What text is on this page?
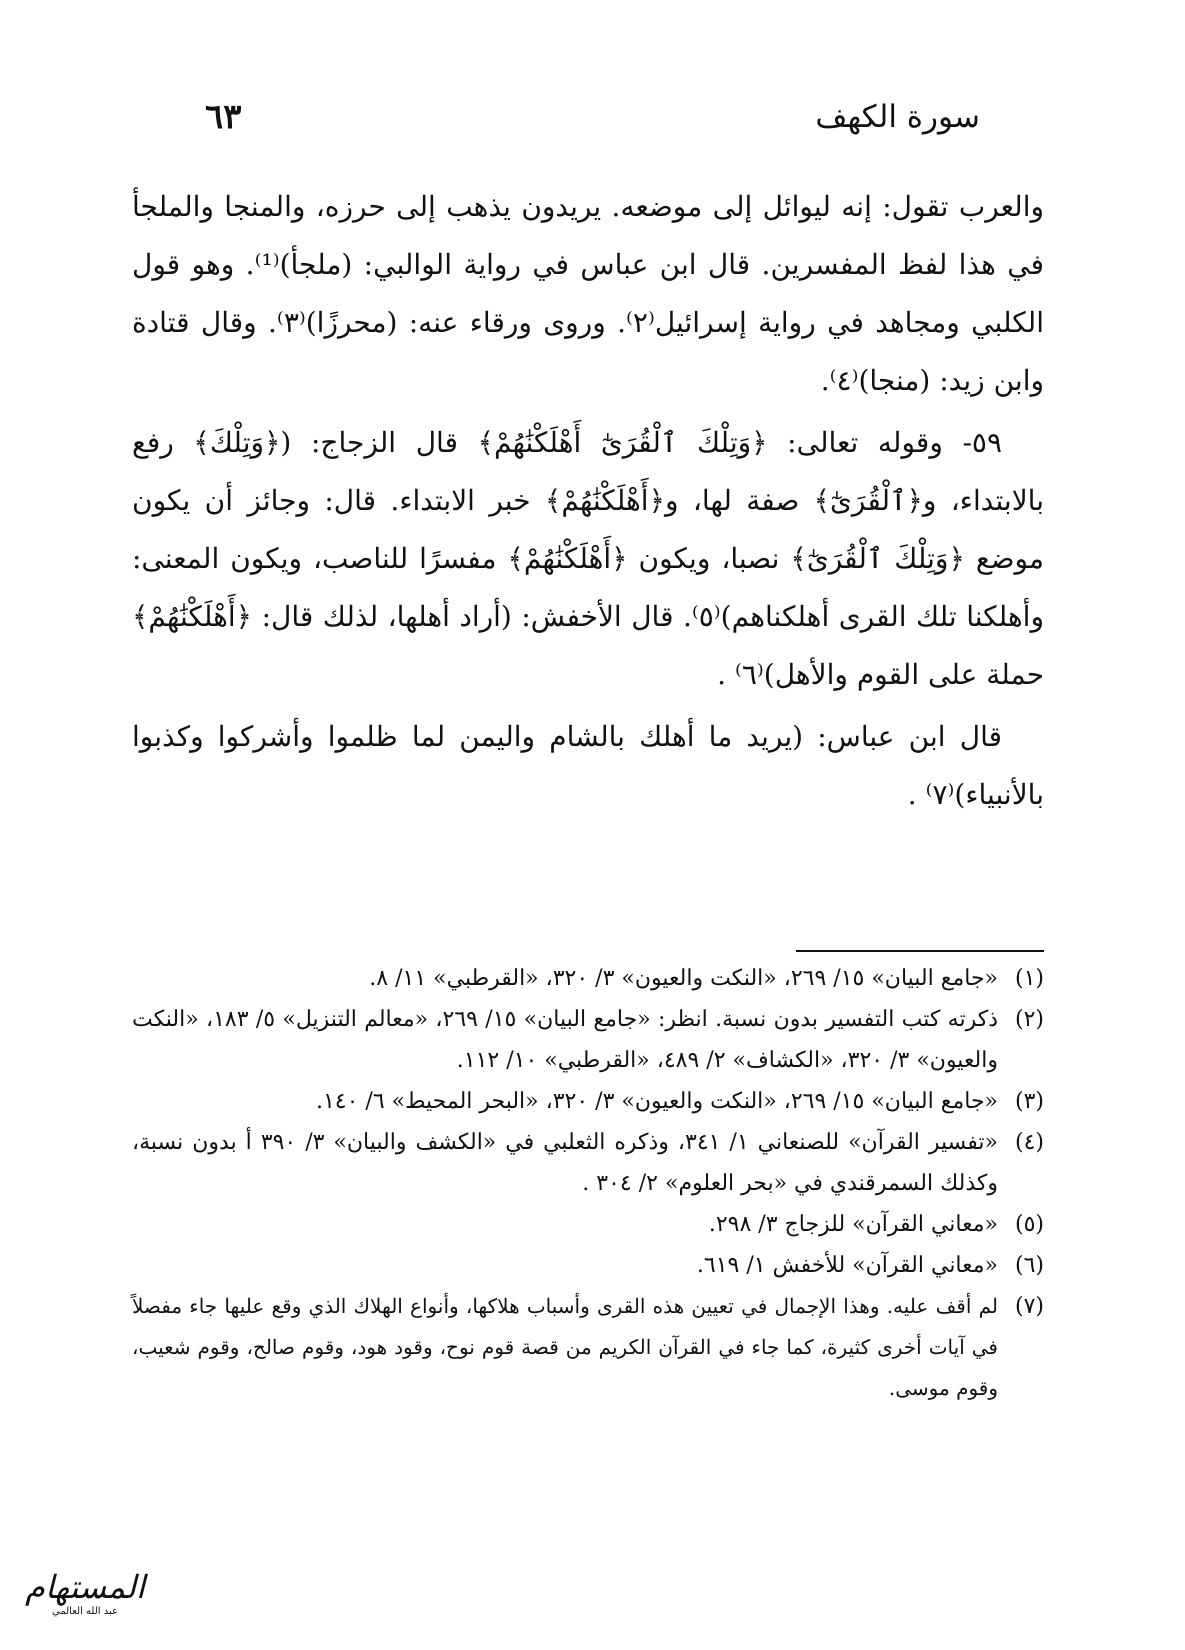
سورة الكهف
٦٣

والعرب تقول: إنه ليوائل إلى موضعه. يريدون يذهب إلى حرزه، والمنجا والملجأ في هذا لفظ المفسرين. قال ابن عباس في رواية الوالبي: (ملجأ)⁽¹⁾. وهو قول الكلبي ومجاهد في رواية إسرائيل⁽٢⁾. وروى ورقاء عنه: (محرزًا)⁽٣⁾. وقال قتادة وابن زيد: (منجا)⁽٤⁾.

٥٩- وقوله تعالى: ﴿وَتِلْكَ ٱلْقُرَىٰٓ أَهْلَكْنَٰهُمْ﴾ قال الزجاج: (﴿وَتِلْكَ﴾ رفع بالابتداء، و﴿ٱلْقُرَىٰٓ﴾ صفة لها، و﴿أَهْلَكْنَٰهُمْ﴾ خبر الابتداء. قال: وجائز أن يكون موضع ﴿وَتِلْكَ ٱلْقُرَىٰٓ﴾ نصبا، ويكون ﴿أَهْلَكْنَٰهُمْ﴾ مفسرًا للناصب، ويكون المعنى: وأهلكنا تلك القرى أهلكناهم)⁽٥⁾. قال الأخفش: (أراد أهلها، لذلك قال: ﴿أَهْلَكْنَٰهُمْ﴾ حملة على القوم والأهل)⁽٦⁾ .

قال ابن عباس: (يريد ما أهلك بالشام واليمن لما ظلموا وأشركوا وكذبوا بالأنبياء)⁽٧⁾ .

(١)
«جامع البيان» ١٥/ ٢٦٩، «النكت والعيون» ٣/ ٣٢٠، «القرطبي» ١١/ ٨.
(٢)
ذكرته كتب التفسير بدون نسبة. انظر: «جامع البيان» ١٥/ ٢٦٩، «معالم التنزيل» ٥/ ١٨٣، «النكت والعيون» ٣/ ٣٢٠، «الكشاف» ٢/ ٤٨٩، «القرطبي» ١٠/ ١١٢.
(٣)
«جامع البيان» ١٥/ ٢٦٩، «النكت والعيون» ٣/ ٣٢٠، «البحر المحيط» ٦/ ١٤٠.
(٤)
«تفسير القرآن» للصنعاني ١/ ٣٤١، وذكره الثعلبي في «الكشف والبيان» ٣/ ٣٩٠ أ بدون نسبة، وكذلك السمرقندي في «بحر العلوم» ٢/ ٣٠٤ .
(٥)
«معاني القرآن» للزجاج ٣/ ٢٩٨.
(٦)
«معاني القرآن» للأخفش ١/ ٦١٩.
(٧)
لم أقف عليه. وهذا الإجمال في تعيين هذه القرى وأسباب هلاكها، وأنواع الهلاك الذي وقع عليها جاء مفصلاً في آيات أخرى كثيرة، كما جاء في القرآن الكريم من قصة قوم نوح، وقود هود، وقوم صالح، وقوم شعيب، وقوم موسى.
المستهام
عبد الله العالمي
